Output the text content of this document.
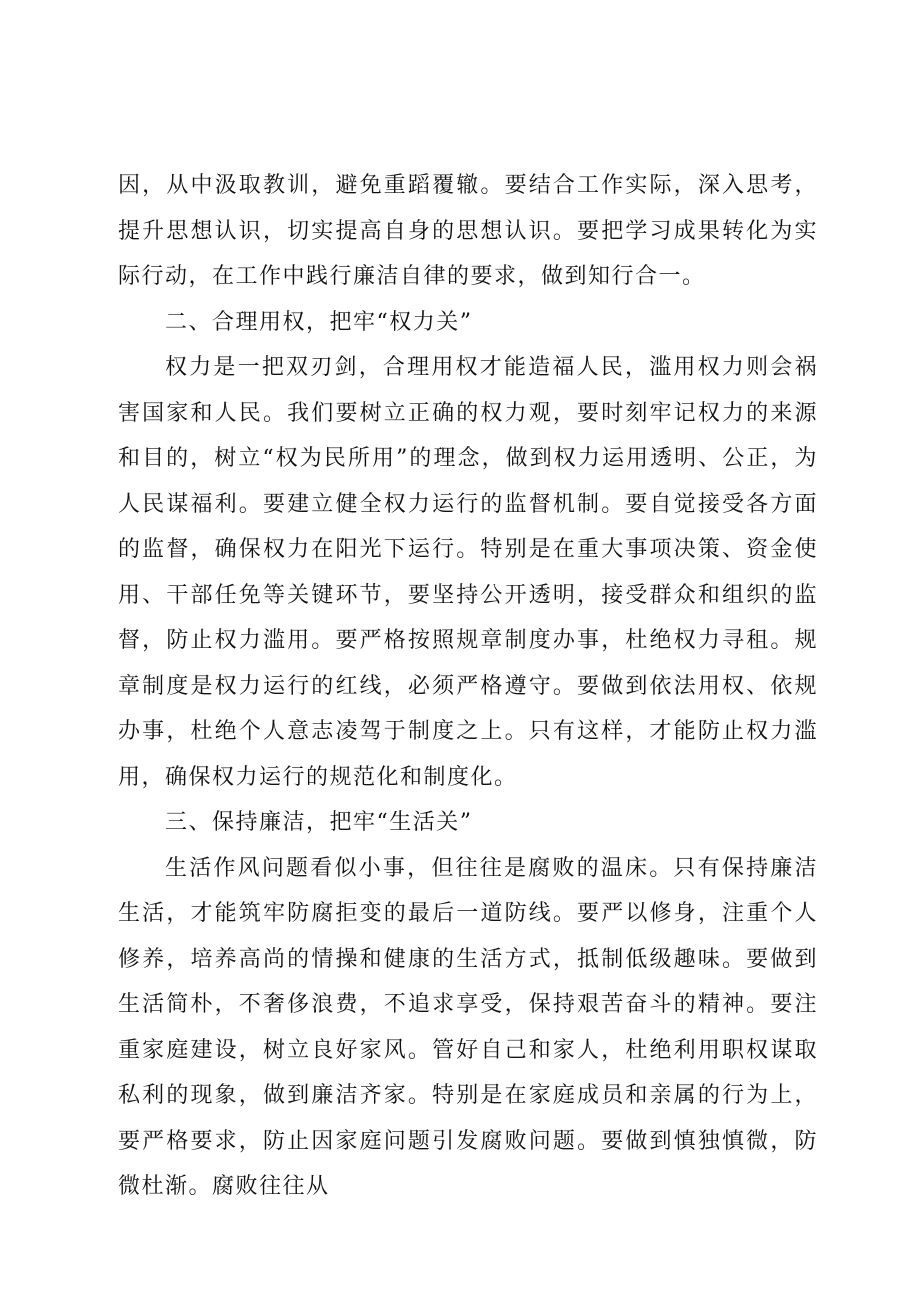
因，从中汲取教训，避免重蹈覆辙。要结合工作实际，深入思考，提升思想认识，切实提高自身的思想认识。要把学习成果转化为实际行动，在工作中践行廉洁自律的要求，做到知行合一。

二、合理用权，把牢“权力关”

权力是一把双刃剑，合理用权才能造福人民，滥用权力则会祸害国家和人民。我们要树立正确的权力观，要时刻牢记权力的来源和目的，树立“权为民所用”的理念，做到权力运用透明、公正，为人民谋福利。要建立健全权力运行的监督机制。要自觉接受各方面的监督，确保权力在阳光下运行。特别是在重大事项决策、资金使用、干部任免等关键环节，要坚持公开透明，接受群众和组织的监督，防止权力滥用。要严格按照规章制度办事，杜绝权力寻租。规章制度是权力运行的红线，必须严格遵守。要做到依法用权、依规办事，杜绝个人意志凌驾于制度之上。只有这样，才能防止权力滥用，确保权力运行的规范化和制度化。

三、保持廉洁，把牢“生活关”

生活作风问题看似小事，但往往是腐败的温床。只有保持廉洁生活，才能筑牢防腐拒变的最后一道防线。要严以修身，注重个人修养，培养高尚的情操和健康的生活方式，抵制低级趣味。要做到生活简朴，不奢侈浪费，不追求享受，保持艰苦奋斗的精神。要注重家庭建设，树立良好家风。管好自己和家人，杜绝利用职权谋取私利的现象，做到廉洁齐家。特别是在家庭成员和亲属的行为上，要严格要求，防止因家庭问题引发腐败问题。要做到慎独慎微，防微杜渐。腐败往往从
